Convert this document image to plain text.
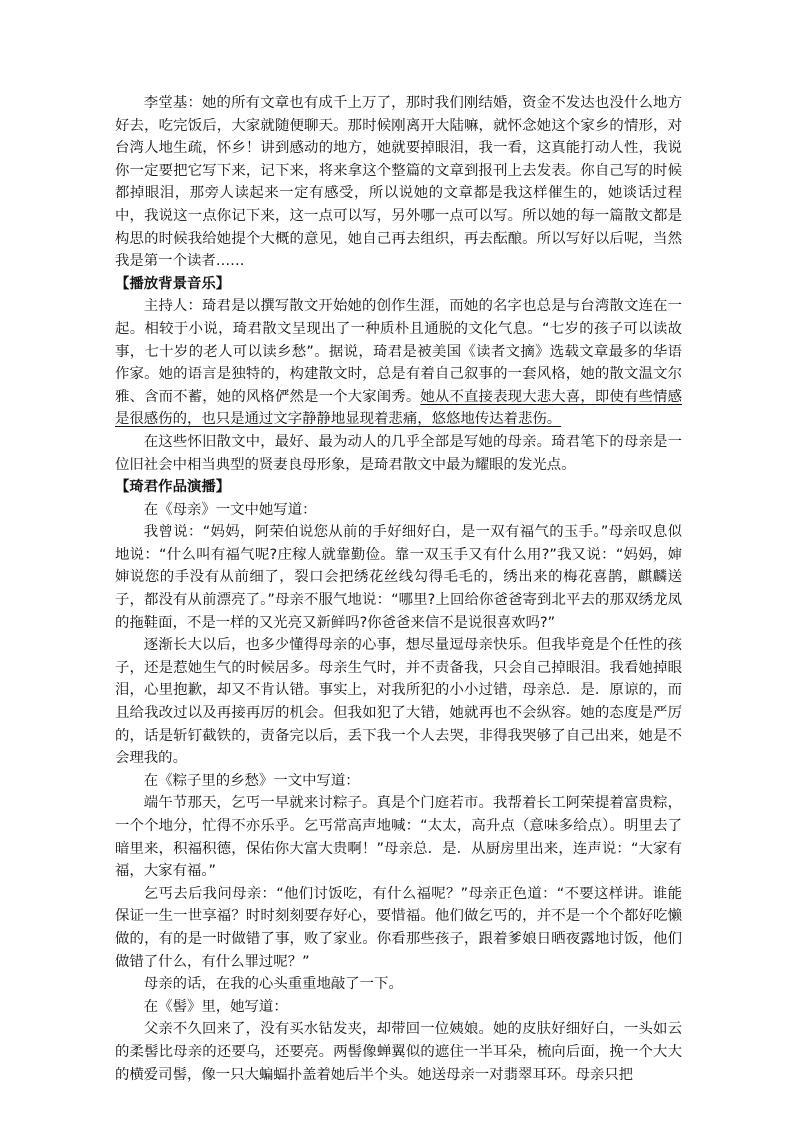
李堂基：她的所有文章也有成千上万了，那时我们刚结婚，资金不发达也没什么地方好去，吃完饭后，大家就随便聊天。那时候刚离开大陆嘛，就怀念她这个家乡的情形，对台湾人地生疏，怀乡！讲到感动的地方，她就要掉眼泪，我一看，这真能打动人性，我说你一定要把它写下来，记下来，将来拿这个整篇的文章到报刊上去发表。你自己写的时候都掉眼泪，那旁人读起来一定有感受，所以说她的文章都是我这样催生的，她谈话过程中，我说这一点你记下来，这一点可以写，另外哪一点可以写。所以她的每一篇散文都是构思的时候我给她提个大概的意见，她自己再去组织，再去酝酿。所以写好以后呢，当然我是第一个读者……

【播放背景音乐】

主持人：琦君是以撰写散文开始她的创作生涯，而她的名字也总是与台湾散文连在一　起。相较于小说，琦君散文呈现出了一种质朴且通脱的文化气息。“七岁的孩子可以读故事，七十岁的老人可以读乡愁”。据说，琦君是被美国《读者文摘》选载文章最多的华语作家。她的语言是独特的，构建散文时，总是有着自己叙事的一套风格，她的散文温文尔雅、含而不蓄，她的风格俨然是一个大家闺秀。她从不直接表现大悲大喜，即使有些情感是很感伤的，也只是通过文字静静地显现着悲痛，悠悠地传达着悲伤。

在这些怀旧散文中，最好、最为动人的几乎全部是写她的母亲。琦君笔下的母亲是一位旧社会中相当典型的贤妻良母形象，是琦君散文中最为耀眼的发光点。

【琦君作品演播】

在《母亲》一文中她写道：

我曾说：“妈妈，阿荣伯说您从前的手好细好白，是一双有福气的玉手。”母亲叹息似地说：“什么叫有福气呢?庄稼人就靠勤俭。靠一双玉手又有什么用?”我又说：“妈妈，婶婶说您的手没有从前细了，裂口会把绣花丝线勾得毛毛的，绣出来的梅花喜鹊，麒麟送子，都没有从前漂亮了。”母亲不服气地说：“哪里?上回给你爸爸寄到北平去的那双绣龙凤的拖鞋面，不是一样的又光亮又新鲜吗?你爸爸来信不是说很喜欢吗?”

逐渐长大以后，也多少懂得母亲的心事，想尽量逗母亲快乐。但我毕竟是个任性的孩子，还是惹她生气的时候居多。母亲生气时，并不责备我，只会自己掉眼泪。我看她掉眼泪，心里抱歉，却又不肯认错。事实上，对我所犯的小小过错，母亲总．是．原谅的，而且给我改过以及再接再厉的机会。但我如犯了大错，她就再也不会纵容。她的态度是严厉的，话是斩钉截铁的，责备完以后，丢下我一个人去哭，非得我哭够了自己出来，她是不会理我的。

在《粽子里的乡愁》一文中写道：

端午节那天，乞丐一早就来讨粽子。真是个门庭若市。我帮着长工阿荣提着富贵粽，一个个地分，忙得不亦乐乎。乞丐常高声地喊：“太太，高升点（意味多给点）。明里去了暗里来，积福积德，保佑你大富大贵啊！”母亲总．是．从厨房里出来，连声说：“大家有福，大家有福。”

乞丐去后我问母亲：“他们讨饭吃，有什么福呢？”母亲正色道：“不要这样讲。谁能保证一生一世享福？时时刻刻要存好心，要惜福。他们做乞丐的，并不是一个个都好吃懒做的，有的是一时做错了事，败了家业。你看那些孩子，跟着爹娘日晒夜露地讨饭，他们做错了什么，有什么罪过呢？”

母亲的话，在我的心头重重地敲了一下。

在《髻》里，她写道：

父亲不久回来了，没有买水钻发夹，却带回一位姨娘。她的皮肤好细好白，一头如云的柔髻比母亲的还要乌，还要亮。两髻像蝉翼似的遮住一半耳朵，梳向后面，挽一个大大的横爱司髻，像一只大蝙蝠扑盖着她后半个头。她送母亲一对翡翠耳环。母亲只把
